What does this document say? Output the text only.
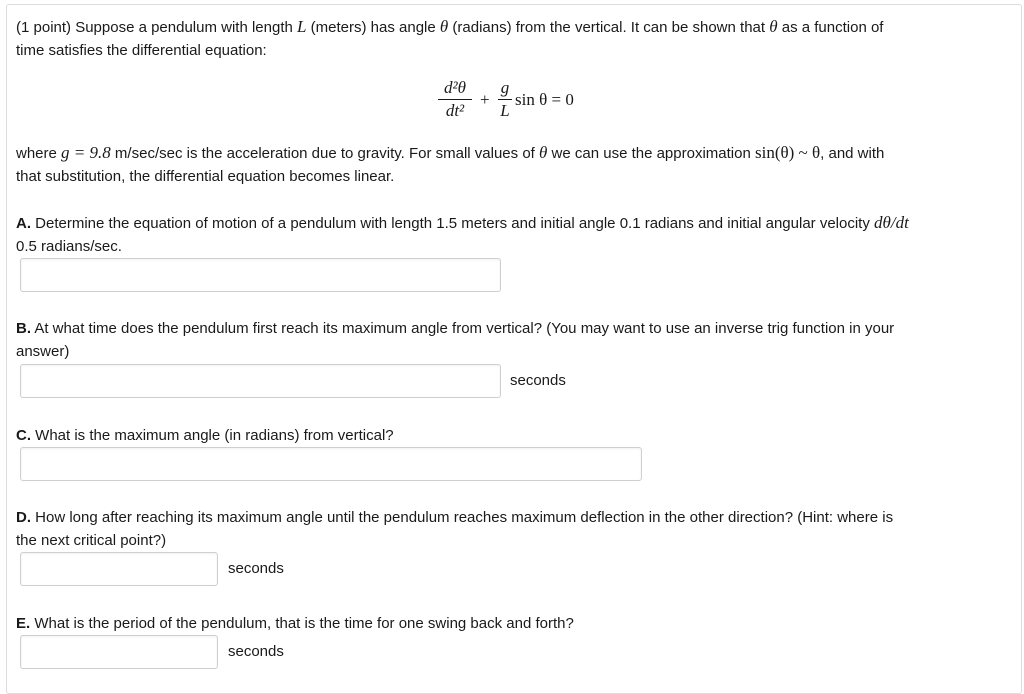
(1 point) Suppose a pendulum with length L (meters) has angle θ (radians) from the vertical. It can be shown that θ as a function of
time satisfies the differential equation:

d²θ
dt²
+
g
L
sin θ = 0

where g = 9.8 m/sec/sec is the acceleration due to gravity. For small values of θ we can use the approximation sin(θ) ~ θ, and with
that substitution, the differential equation becomes linear.

A. Determine the equation of motion of a pendulum with length 1.5 meters and initial angle 0.1 radians and initial angular velocity dθ/dt
0.5 radians/sec.

B. At what time does the pendulum first reach its maximum angle from vertical? (You may want to use an inverse trig function in your
answer)

seconds

C. What is the maximum angle (in radians) from vertical?

D. How long after reaching its maximum angle until the pendulum reaches maximum deflection in the other direction? (Hint: where is
the next critical point?)

seconds

E. What is the period of the pendulum, that is the time for one swing back and forth?

seconds
